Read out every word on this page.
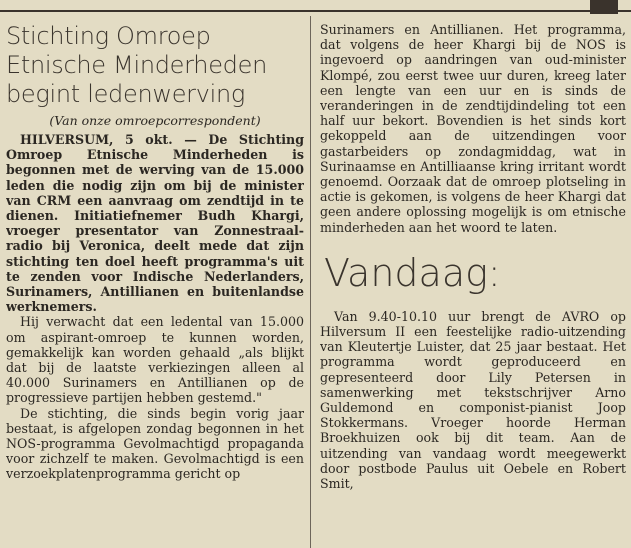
Stichting Omroep
Etnische Minderheden
begint ledenwerving
(Van onze omroepcorrespondent)

HILVERSUM, 5 okt. — De Stichting Omroep Etnische Minderheden is begonnen met de werving van de 15.000 leden die nodig zijn om bij de minister van CRM een aanvraag om zendtijd in te dienen. Initiatiefnemer Budh Khargi, vroeger presentator van Zonnestraal-radio bij Veronica, deelt mede dat zijn stichting ten doel heeft programma's uit te zenden voor Indische Nederlanders, Surinamers, Antillianen en buitenlandse werknemers.

Hij verwacht dat een ledental van 15.000 om aspirant-omroep te kunnen worden, gemakkelijk kan worden gehaald „als blijkt dat bij de laatste verkiezingen alleen al 40.000 Surinamers en Antillianen op de progressieve partijen hebben gestemd."

De stichting, die sinds begin vorig jaar bestaat, is afgelopen zondag begonnen in het NOS-programma Gevolmachtigd propaganda voor zichzelf te maken. Gevolmachtigd is een verzoekplatenprogramma gericht op

Surinamers en Antillianen. Het programma, dat volgens de heer Khargi bij de NOS is ingevoerd op aandringen van oud-minister Klompé, zou eerst twee uur duren, kreeg later een lengte van een uur en is sinds de veranderingen in de zendtijdindeling tot een half uur bekort. Bovendien is het sinds kort gekoppeld aan de uitzendingen voor gastarbeiders op zondagmiddag, wat in Surinaamse en Antilliaanse kring irritant wordt genoemd. Oorzaak dat de omroep plotseling in actie is gekomen, is volgens de heer Khargi dat geen andere oplossing mogelijk is om etnische minderheden aan het woord te laten.

Vandaag:

Van 9.40-10.10 uur brengt de AVRO op Hilversum II een feestelijke radio-uitzending van Kleutertje Luister, dat 25 jaar bestaat. Het programma wordt geproduceerd en gepresenteerd door Lily Petersen in samenwerking met tekstschrijver Arno Guldemond en componist-pianist Joop Stokkermans. Vroeger hoorde Herman Broekhuizen ook bij dit team. Aan de uitzending van vandaag wordt meegewerkt door postbode Paulus uit Oebele en Robert Smit,
